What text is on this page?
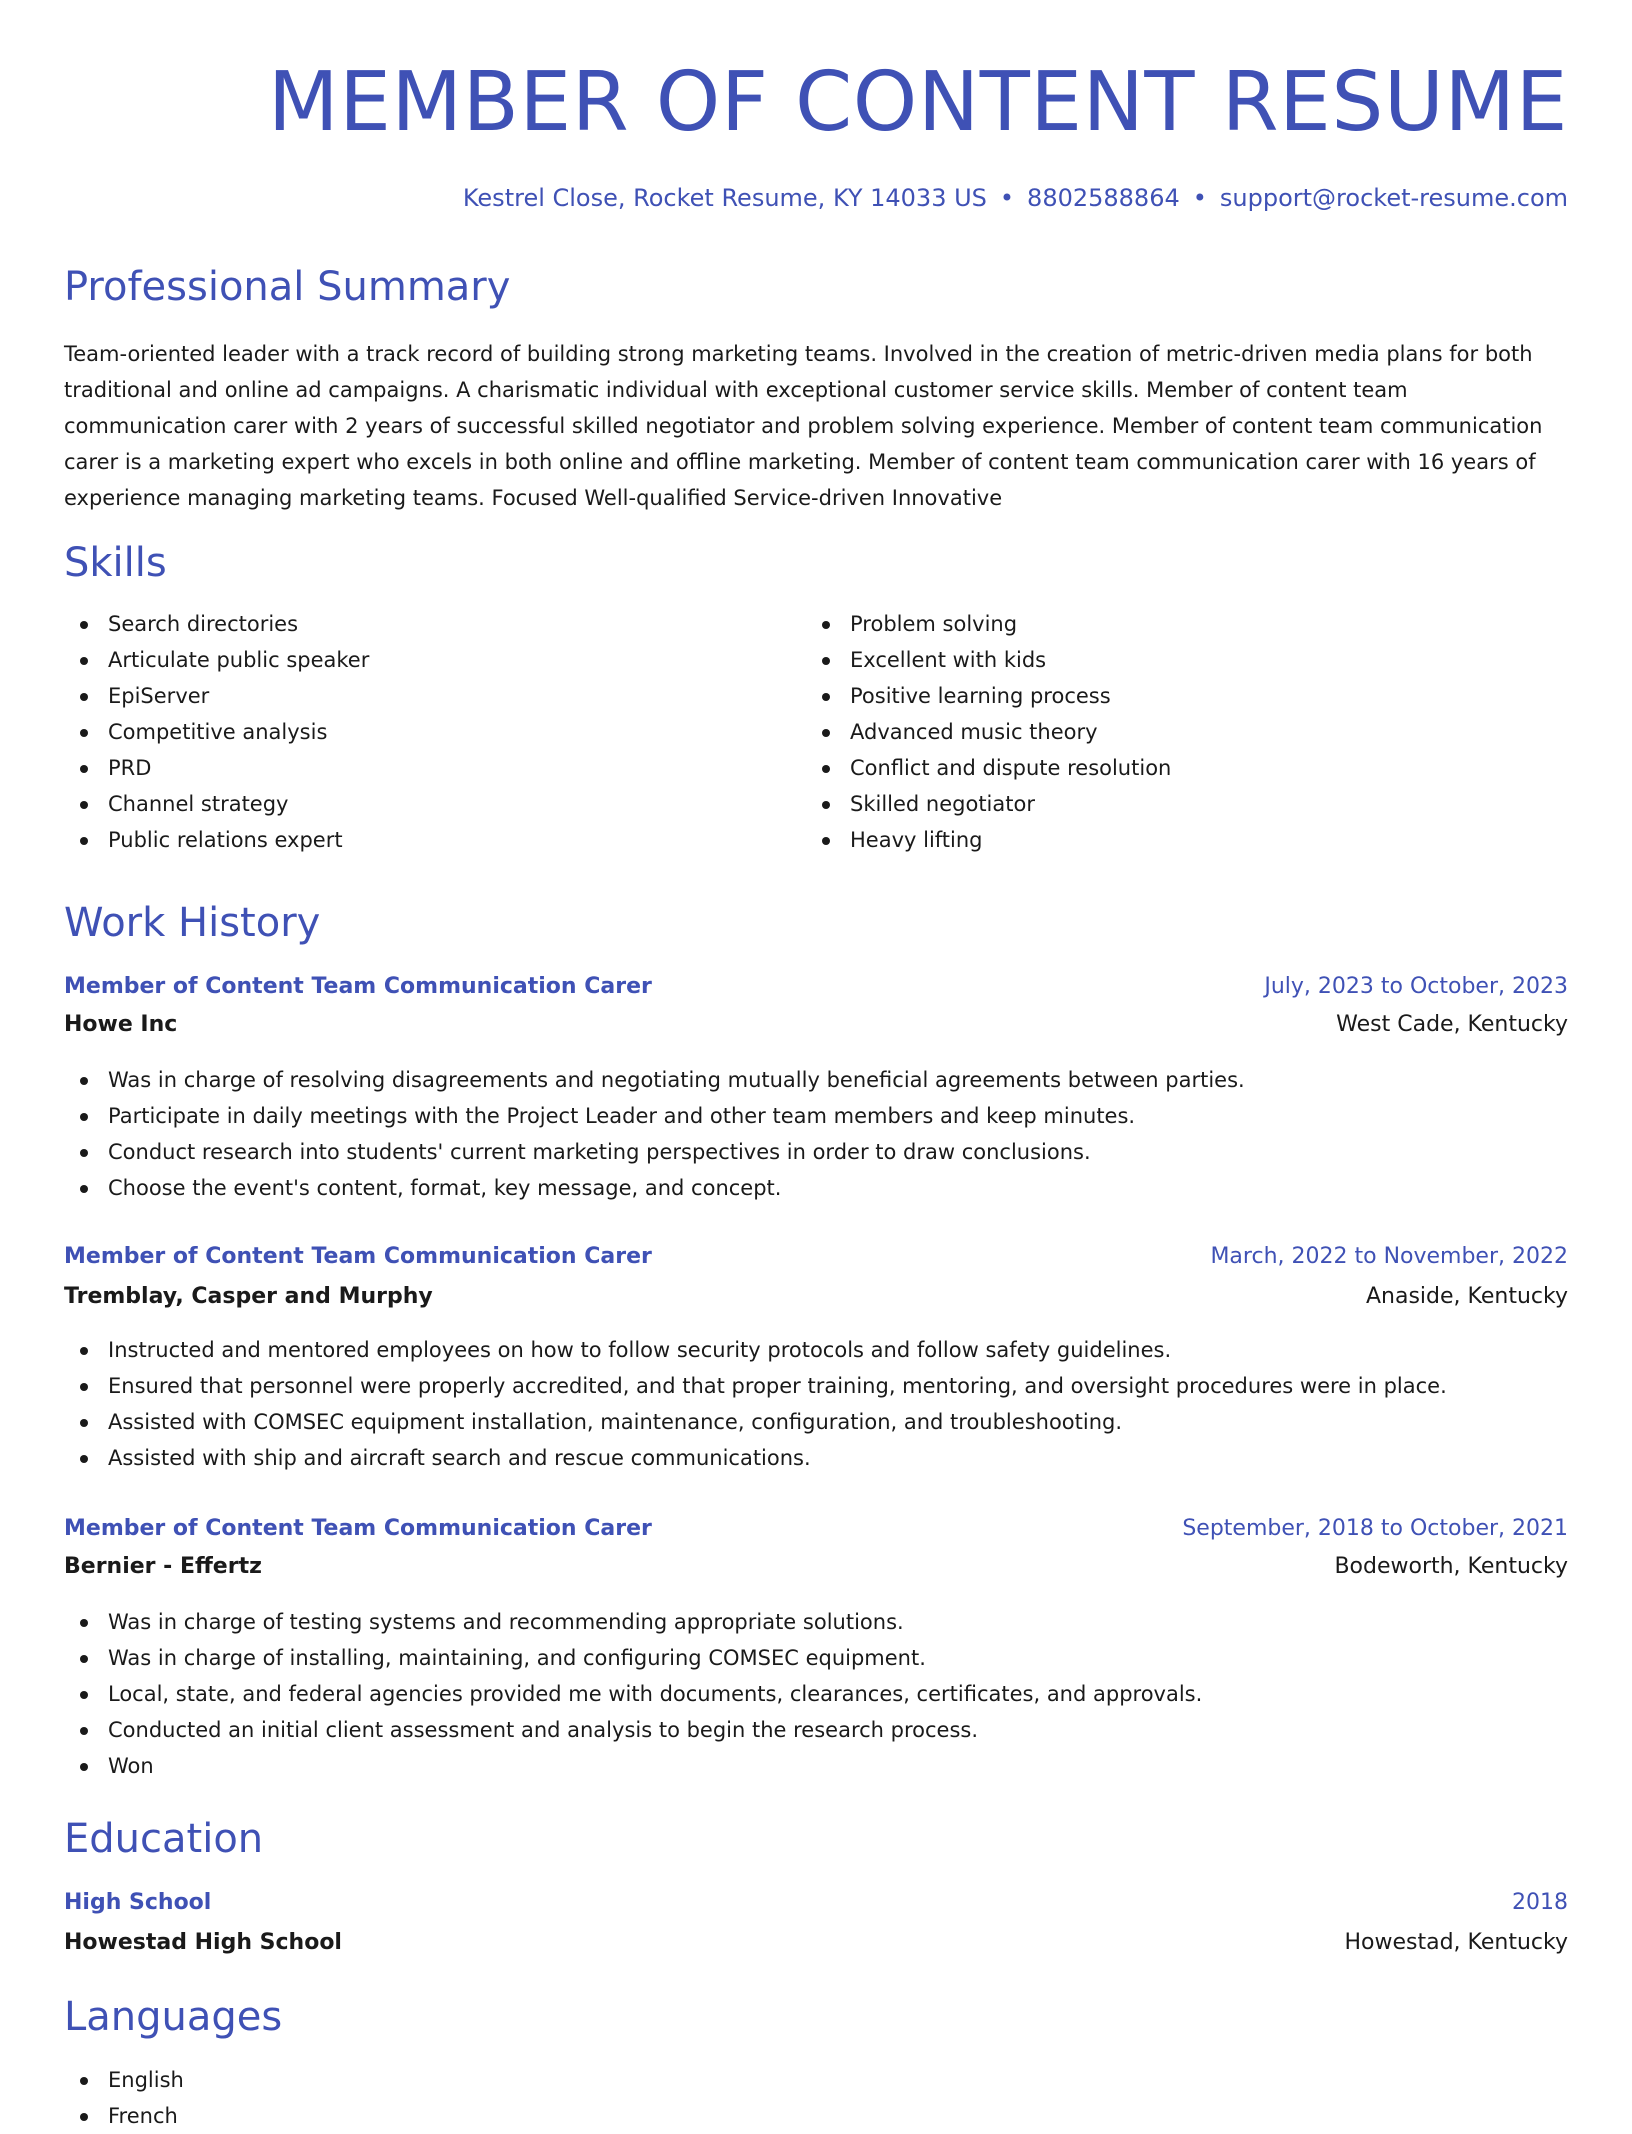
MEMBER OF CONTENT RESUME
Kestrel Close, Rocket Resume, KY 14033 US • 8802588864 • support@rocket-resume.com
Professional Summary

Team-oriented leader with a track record of building strong marketing teams. Involved in the creation of metric-driven media plans for both traditional and online ad campaigns. A charismatic individual with exceptional customer service skills. Member of content team communication carer with 2 years of successful skilled negotiator and problem solving experience. Member of content team communication carer is a marketing expert who excels in both online and offline marketing. Member of content team communication carer with 16 years of experience managing marketing teams. Focused Well-qualified Service-driven Innovative

Skills
Search directories
Articulate public speaker
EpiServer
Competitive analysis
PRD
Channel strategy
Public relations expert
Problem solving
Excellent with kids
Positive learning process
Advanced music theory
Conflict and dispute resolution
Skilled negotiator
Heavy lifting
Work History
Member of Content Team Communication Carer	July, 2023 to October, 2023
Howe Inc	West Cade, Kentucky
Was in charge of resolving disagreements and negotiating mutually beneficial agreements between parties.
Participate in daily meetings with the Project Leader and other team members and keep minutes.
Conduct research into students' current marketing perspectives in order to draw conclusions.
Choose the event's content, format, key message, and concept.
Member of Content Team Communication Carer	March, 2022 to November, 2022
Tremblay, Casper and Murphy	Anaside, Kentucky
Instructed and mentored employees on how to follow security protocols and follow safety guidelines.
Ensured that personnel were properly accredited, and that proper training, mentoring, and oversight procedures were in place.
Assisted with COMSEC equipment installation, maintenance, configuration, and troubleshooting.
Assisted with ship and aircraft search and rescue communications.
Member of Content Team Communication Carer	September, 2018 to October, 2021
Bernier - Effertz	Bodeworth, Kentucky
Was in charge of testing systems and recommending appropriate solutions.
Was in charge of installing, maintaining, and configuring COMSEC equipment.
Local, state, and federal agencies provided me with documents, clearances, certificates, and approvals.
Conducted an initial client assessment and analysis to begin the research process.
Won
Education
High School	2018
Howestad High School	Howestad, Kentucky
Languages
English
French
